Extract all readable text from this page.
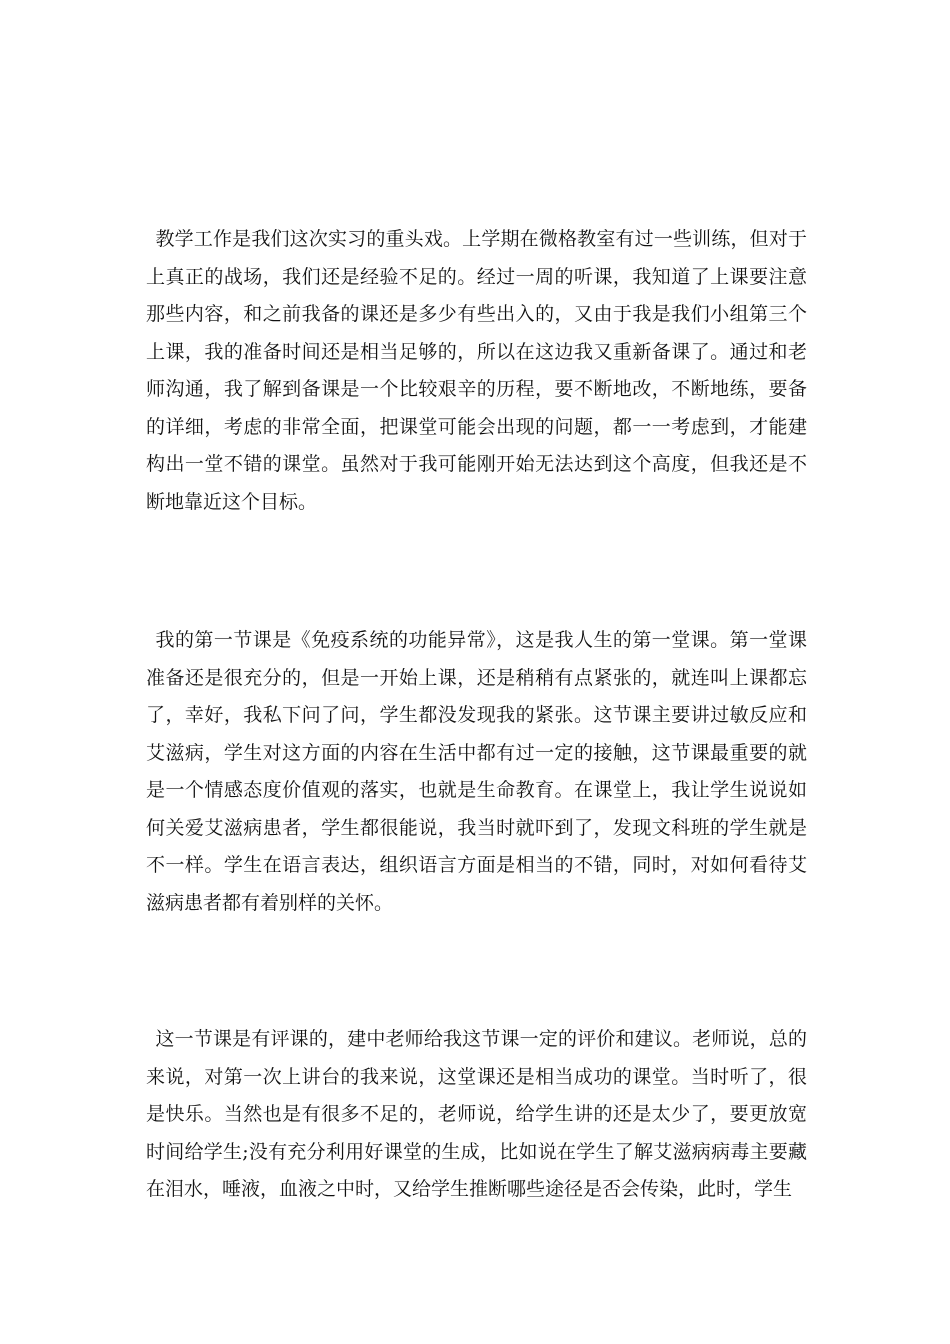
教学工作是我们这次实习的重头戏。上学期在微格教室有过一些训练，但对于上真正的战场，我们还是经验不足的。经过一周的听课，我知道了上课要注意那些内容，和之前我备的课还是多少有些出入的，又由于我是我们小组第三个上课，我的准备时间还是相当足够的，所以在这边我又重新备课了。通过和老师沟通，我了解到备课是一个比较艰辛的历程，要不断地改，不断地练，要备的详细，考虑的非常全面，把课堂可能会出现的问题，都一一考虑到，才能建构出一堂不错的课堂。虽然对于我可能刚开始无法达到这个高度，但我还是不断地靠近这个目标。

我的第一节课是《免疫系统的功能异常》，这是我人生的第一堂课。第一堂课准备还是很充分的，但是一开始上课，还是稍稍有点紧张的，就连叫上课都忘了，幸好，我私下问了问，学生都没发现我的紧张。这节课主要讲过敏反应和艾滋病，学生对这方面的内容在生活中都有过一定的接触，这节课最重要的就是一个情感态度价值观的落实，也就是生命教育。在课堂上，我让学生说说如何关爱艾滋病患者，学生都很能说，我当时就吓到了，发现文科班的学生就是不一样。学生在语言表达，组织语言方面是相当的不错，同时，对如何看待艾滋病患者都有着别样的关怀。

这一节课是有评课的，建中老师给我这节课一定的评价和建议。老师说，总的来说，对第一次上讲台的我来说，这堂课还是相当成功的课堂。当时听了，很是快乐。当然也是有很多不足的，老师说，给学生讲的还是太少了，要更放宽时间给学生;没有充分利用好课堂的生成，比如说在学生了解艾滋病病毒主要藏在泪水，唾液，血液之中时，又给学生推断哪些途径是否会传染，此时，学生
